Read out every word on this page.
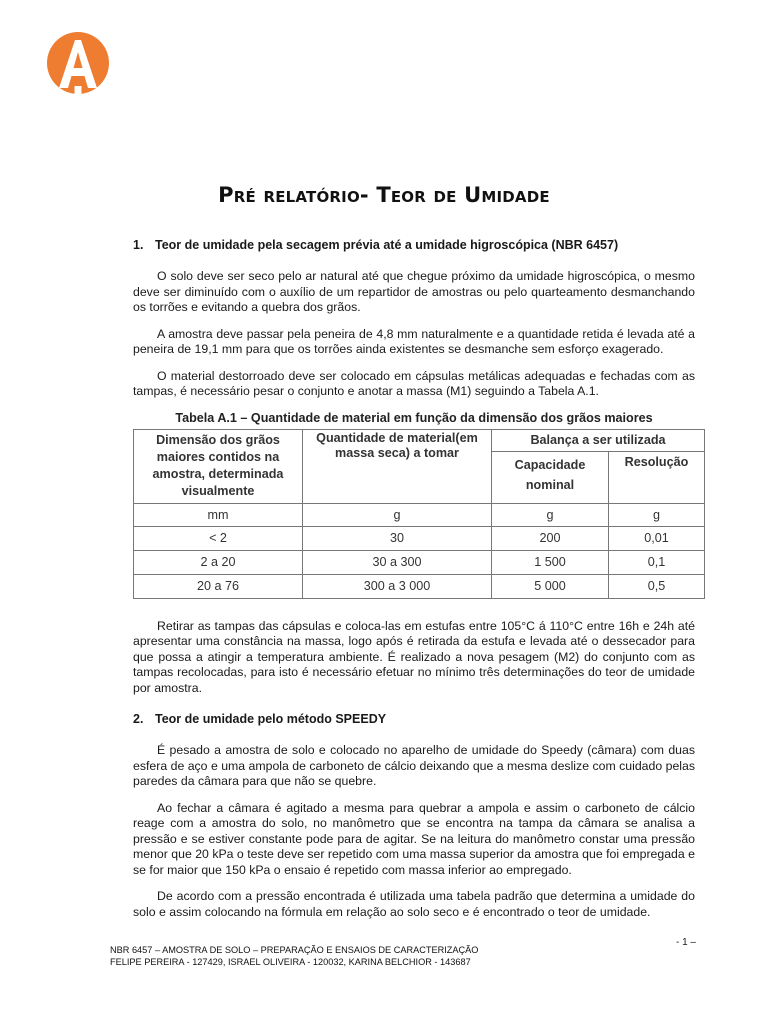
Pré relatório- Teor de Umidade
1. Teor de umidade pela secagem prévia até a umidade higroscópica (NBR 6457)

O solo deve ser seco pelo ar natural até que chegue próximo da umidade higroscópica, o mesmo deve ser diminuído com o auxílio de um repartidor de amostras ou pelo quarteamento desmanchando os torrões e evitando a quebra dos grãos.

A amostra deve passar pela peneira de 4,8 mm naturalmente e a quantidade retida é levada até a peneira de 19,1 mm para que os torrões ainda existentes se desmanche sem esforço exagerado.

O material destorroado deve ser colocado em cápsulas metálicas adequadas e fechadas com as tampas, é necessário pesar o conjunto e anotar a massa (M1) seguindo a Tabela A.1.

Tabela A.1 – Quantidade de material em função da dimensão dos grãos maiores
Dimensão dos grãos maiores contidos na amostra, determinada visualmente	Quantidade de material(em massa seca) a tomar	Balança a ser utilizada	
		Capacidade nominal	Resolução
mm	g	g	g
< 2	30	200	0,01
2 a 20	30 a 300	1 500	0,1
20 a 76	300 a 3 000	5 000	0,5

Retirar as tampas das cápsulas e coloca-las em estufas entre 105°C á 110°C entre 16h e 24h até apresentar uma constância na massa, logo após é retirada da estufa e levada até o dessecador para que possa a atingir a temperatura ambiente. É realizado a nova pesagem (M2) do conjunto com as tampas recolocadas, para isto é necessário efetuar no mínimo três determinações do teor de umidade por amostra.

2. Teor de umidade pelo método SPEEDY

É pesado a amostra de solo e colocado no aparelho de umidade do Speedy (câmara) com duas esfera de aço e uma ampola de carboneto de cálcio deixando que a mesma deslize com cuidado pelas paredes da câmara para que não se quebre.

Ao fechar a câmara é agitado a mesma para quebrar a ampola e assim o carboneto de cálcio reage com a amostra do solo, no manômetro que se encontra na tampa da câmara se analisa a pressão e se estiver constante pode para de agitar. Se na leitura do manômetro constar uma pressão menor que 20 kPa o teste deve ser repetido com uma massa superior da amostra que foi empregada e se for maior que 150 kPa o ensaio é repetido com massa inferior ao empregado.

De acordo com a pressão encontrada é utilizada uma tabela padrão que determina a umidade do solo e assim colocando na fórmula em relação ao solo seco e é encontrado o teor de umidade.

- 1 –
NBR 6457 – AMOSTRA DE SOLO – PREPARAÇÃO E ENSAIOS DE CARACTERIZAÇÃO
FELIPE PEREIRA - 127429, ISRAEL OLIVEIRA - 120032, KARINA BELCHIOR - 143687
